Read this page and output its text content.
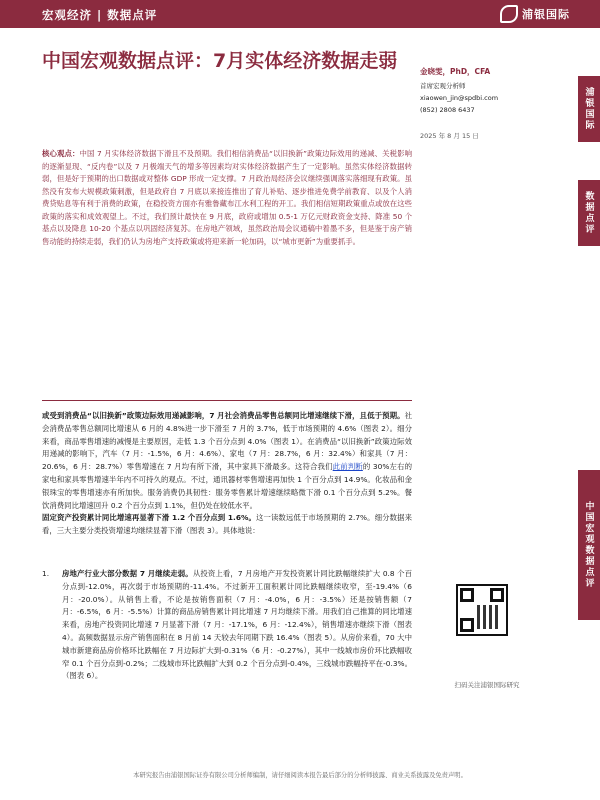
宏观经济 | 数据点评	浦银国际
中国宏观数据点评：7月实体经济数据走弱	金晓雯，PhD，CFA
首席宏观分析师
xiaowen_jin@spdbi.com
(852) 2808 6437
2025 年 8 月 15 日
浦银国际
数据点评
中国宏观数据点评
核心观点：中国 7 月实体经济数据下滑且不及预期。我们相信消费品“以旧换新”政策边际效用的递减、关税影响的逐渐显现、“反内卷”以及 7 月极端天气的增多等因素均对实体经济数据产生了一定影响。虽然实体经济数据转弱，但是好于预期的出口数据或对整体 GDP 形成一定支撑。7 月政治局经济会议继续强调落实落细现有政策。虽然没有发布大规模政策刺激，但是政府自 7 月底以来接连推出了育儿补贴、逐步推进免费学前教育、以及个人消费贷贴息等有利于消费的政策，在稳投资方面亦有雅鲁藏布江水利工程的开工。我们相信短期政策重点或放在这些政策的落实和成效观望上。不过，我们预计最快在 9 月底，政府或增加 0.5-1 万亿元财政资金支持、降准 50 个基点以及降息 10-20 个基点以巩固经济复苏。在房地产领域，虽然政治局会议通稿中着墨不多，但是鉴于房产销售动能的持续走弱，我们仍认为房地产支持政策或将迎来新一轮加码，以“城市更新”为重要抓手。

或受到消费品“以旧换新”政策边际效用递减影响，7 月社会消费品零售总额同比增速继续下滑，且低于预期。社会消费品零售总额同比增速从 6 月的 4.8%进一步下滑至 7 月的 3.7%，低于市场预期的 4.6%（图表 2）。细分来看，商品零售增速的减慢是主要原因，走低 1.3 个百分点到 4.0%（图表 1）。在消费品“以旧换新”政策边际效用递减的影响下，汽车（7 月：-1.5%，6 月：4.6%）、家电（7 月：28.7%，6 月：32.4%）和家具（7 月：20.6%，6 月：28.7%）零售增速在 7 月均有所下滑，其中家具下滑最多。这符合我们此前判断的 30%左右的家电和家具零售增速半年内不可持久的观点。不过，通讯器材零售增速再加快 1 个百分点到 14.9%。化妆品和金银珠宝的零售增速亦有所加快。服务消费仍具韧性：服务零售累计增速继续略微下滑 0.1 个百分点到 5.2%。餐饮消费同比增速回升 0.2 个百分点到 1.1%，但仍处在较低水平。

固定资产投资累计同比增速再显著下滑 1.2 个百分点到 1.6%。这一读数远低于市场预期的 2.7%。细分数据来看，三大主要分类投资增速均继续显著下滑（图表 3）。具体地说：

1.	房地产行业大部分数据 7 月继续走弱。从投资上看，7 月房地产开发投资累计同比跌幅继续扩大 0.8 个百分点到-12.0%，再次弱于市场预期的-11.4%。不过新开工面积累计同比跌幅继续收窄，至-19.4%（6 月：-20.0%）。从销售上看，不论是按销售面积（7 月：-4.0%，6 月：-3.5%）还是按销售额（7 月：-6.5%，6 月：-5.5%）计算的商品房销售累计同比增速 7 月均继续下滑。用我们自己推算的同比增速来看，房地产投资同比增速 7 月显著下滑（7 月：-17.1%，6 月：-12.4%），销售增速亦继续下滑（图表 4）。高频数据显示房产销售面积在 8 月前 14 天较去年同期下跌 16.4%（图表 5）。从房价来看，70 大中城市新建商品房价格环比跌幅在 7 月边际扩大到-0.31%（6 月：-0.27%），其中一线城市房价环比跌幅收窄 0.1 个百分点到-0.2%；二线城市环比跌幅扩大到 0.2 个百分点到-0.4%，三线城市跌幅持平在-0.3%。（图表 6）。

扫码关注浦银国际研究
本研究报告由浦银国际证券有限公司分析师编制，请仔细阅读本报告最后部分的分析师披露、商业关系披露及免责声明。
